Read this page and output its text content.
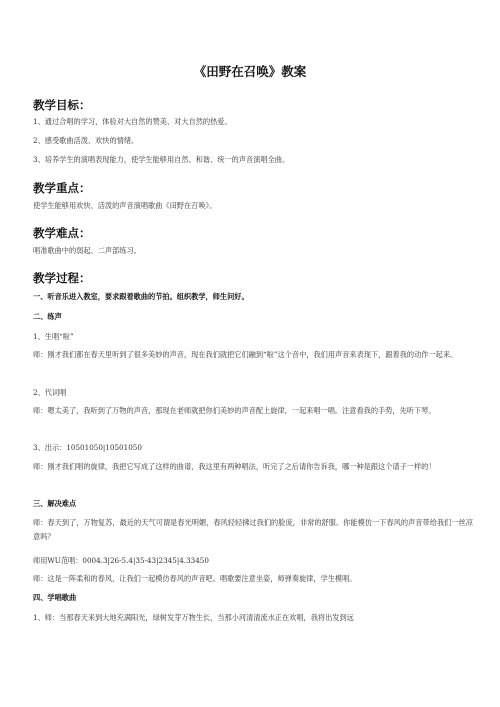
《田野在召唤》教案
教学目标：
1、通过合唱的学习，体验对大自然的赞美、对大自然的热爱。
2、感受歌曲活泼、欢快的情绪。
3、培养学生的演唱表现能力，使学生能够用自然、和谐、统一的声音演唱全曲。
教学重点：
使学生能够用欢快、活泼的声音演唱歌曲《田野在召唤》。
教学难点：
唱准歌曲中的弱起、二声部练习。
教学过程：
一、听音乐进入教室，要求跟着歌曲的节拍。组织教学，师生问好。
二、练声
1、生唱“啦”
师：刚才我们都在春天里听到了很多美妙的声音，现在我们就把它们融到“啦”这个音中，我们用声音来表现下，跟着我的动作一起来。
2、代词唱
师：嗯太美了，我听到了万物的声音，那现在老师就把你们美妙的声音配上旋律，一起来唱一唱。注意看我的手势，先听下琴。
3、出示：10501050|10501050
师：刚才我们唱的旋律，我把它写成了这样的曲谱，我这里有两种唱法，听完了之后请你告诉我，哪一种是跟这个谱子一样的！
三、解决难点
师：春天到了，万物复苏，最近的天气可谓是春光明媚，春风轻轻拂过我们的脸庞，非常的舒服。你能模仿一下春风的声音带给我们一丝凉意吗？
师用WU范唱：0004.3|26-5.4|35-43|2345|4.33450
师：这是一阵柔和的春风，让我们一起模仿春风的声音吧。唱歌要注意坐姿，师弹奏旋律，学生模唱。
四、学唱歌曲
1、师：当那春天来到大地充满阳光，绿树发芽万物生长，当那小河清清流水正在欢唱，我将出发到远
